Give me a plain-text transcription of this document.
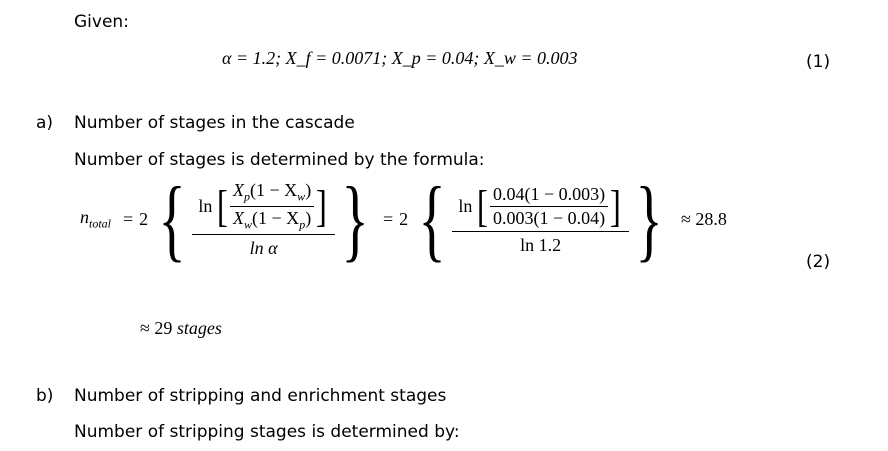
Given:
α = 1.2; X_f = 0.0071; X_p = 0.04; X_w = 0.003	(1)
a) Number of stages in the cascade
Number of stages is determined by the formula:
$n_{total} = 2$ { ln [ $X_p(1 - X_w)$
$X_w(1 - X_p)$ ]
ln α } = 2 { ln [ 0.04(1 − 0.003)
0.003(1 − 0.04) ]
ln 1.2 }	≈ 28.8
(2)
≈ 29 stages
b) Number of stripping and enrichment stages
Number of stripping stages is determined by:
